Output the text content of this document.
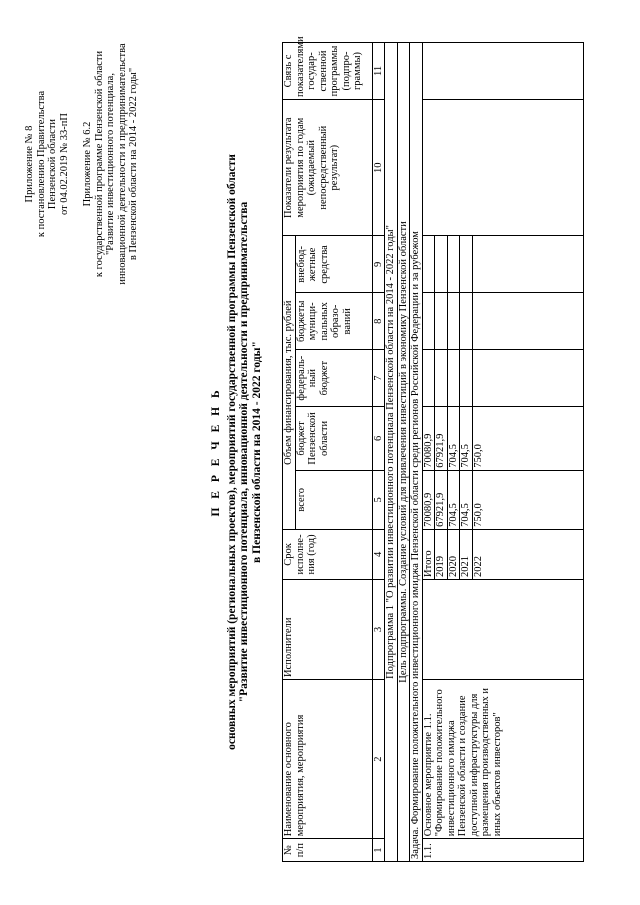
Приложение № 8 к постановлению Правительства Пензенской области от 04.02.2019 № 33-пП Приложение № 6.2 к государственной программе Пензенской области "Развитие инвестиционного потенциала, инновационной деятельности и предпринимательства в Пензенской области на 2014 - 2022 годы"
П Е Р Е Ч Е Н Ь основных мероприятий (региональных проектов), мероприятий государственной программы Пензенской области "Развитие инвестиционного потенциала, инновационной деятельности и предпринимательства в Пензенской области на 2014 - 2022 годы"
№ п/п	Наименование основного мероприятия, мероприятия	Исполнители	Срок исполне- ния (год)	Объем финансирования, тыс. рублей					Показатели результата мероприятия по годам (ожидаемый непосредственный результат)	Связь с показателями государ- ственной программы (подпро- граммы)
				всего	бюджет Пензенской области	федераль- ный бюджет	бюджеты муници- пальных образо- ваний	внебюд- жетные средства		
1	2	3	4	5	6	7	8	9	10	11
Подпрограмма 1 "О развитии инвестиционного потенциала Пензенской области на 2014 - 2022 годы"										
Цель подпрограммы. Создание условий для привлечения инвестиций в экономику Пензенской области										
Задача. Формирование положительного инвестиционного имиджа Пензенской области среди регионов Российской Федерации и за рубежом										
1.1.	Основное мероприятие 1.1. "Формирование положительного инвестиционного имиджа Пензенской области и создание доступной инфраструктуры для размещения производственных и иных объектов инвесторов"		Итого	70080,9	70080,9					
			2019	67921,9	67921,9					
			2020	704,5	704,5					
			2021	704,5	704,5					
			2022	750,0	750,0					
